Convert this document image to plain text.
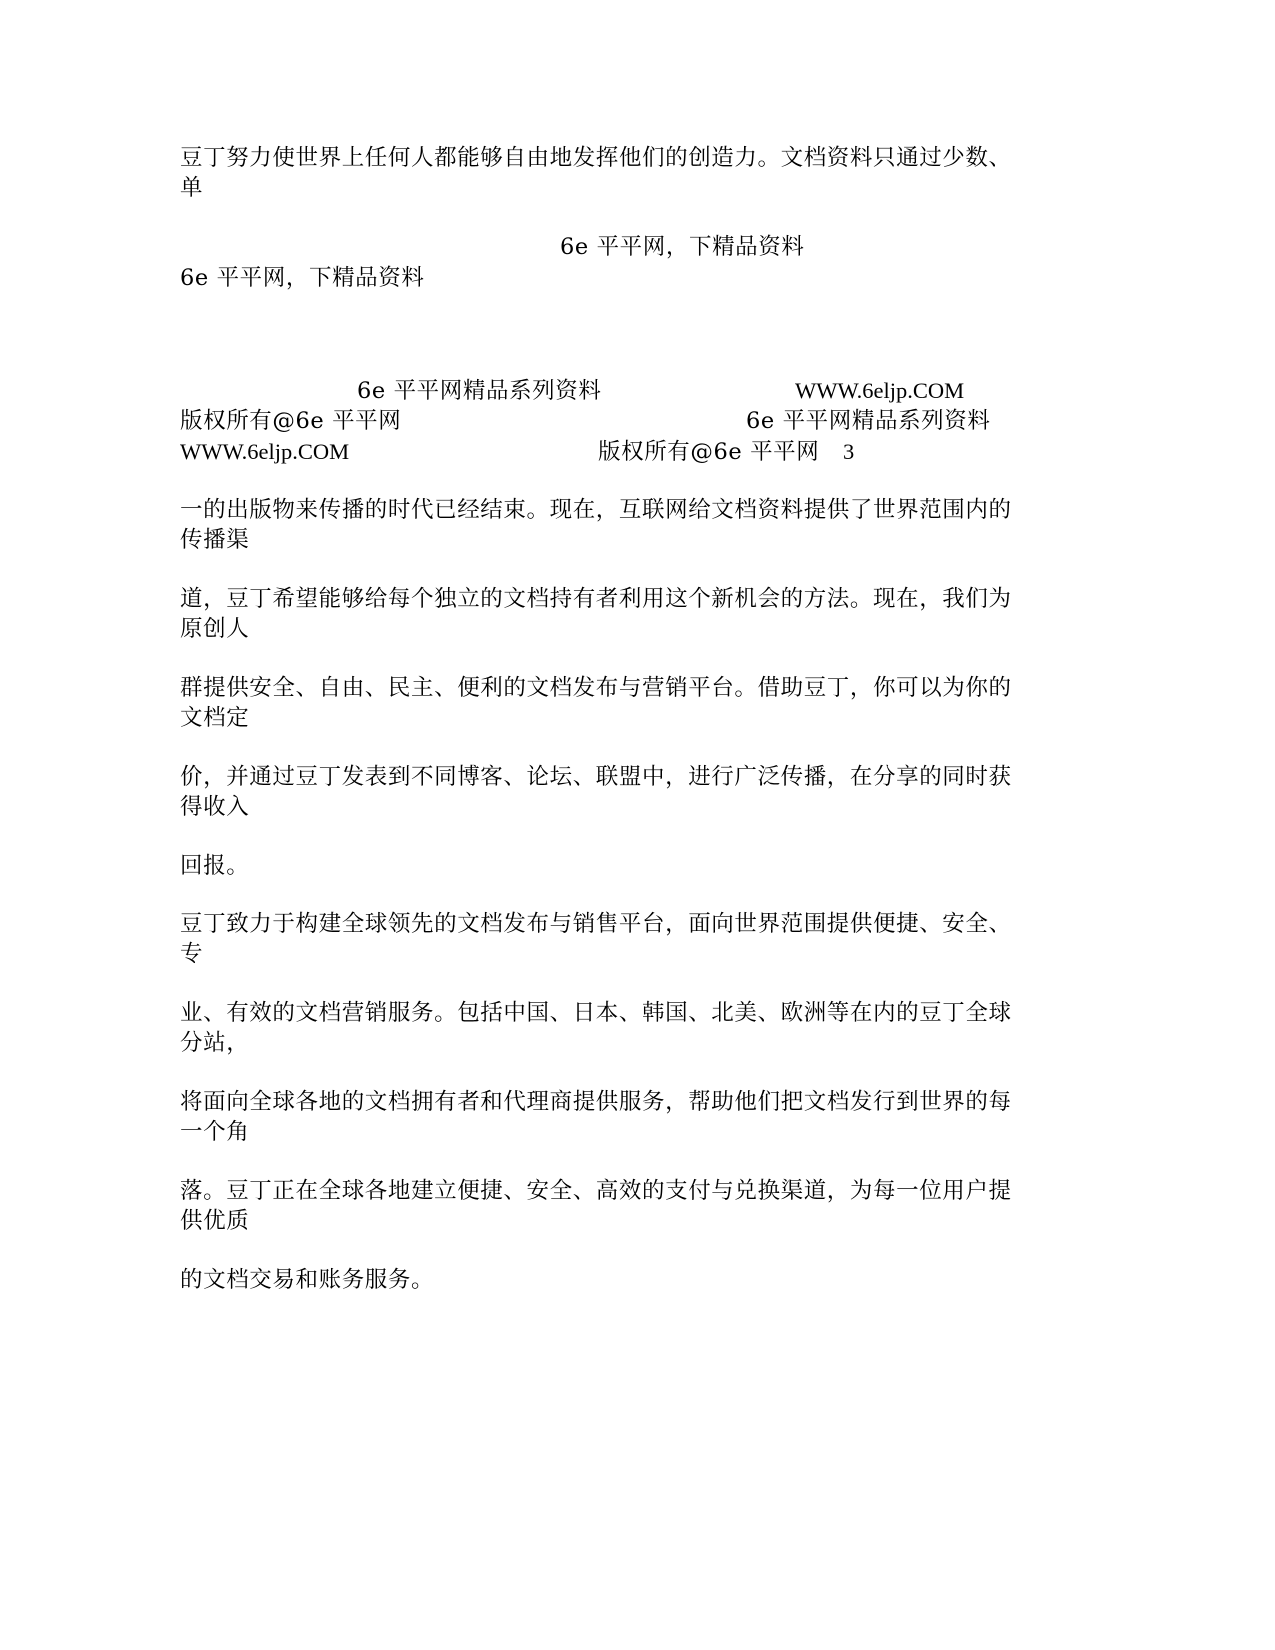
豆丁努力使世界上任何人都能够自由地发挥他们的创造力。文档资料只通过少数、
单
6e 平平网，下精品资料
6e 平平网，下精品资料
6e 平平网精品系列资料	WWW.6eljp.COM
版权所有@6e 平平网	6e 平平网精品系列资料
WWW.6eljp.COM	版权所有@6e 平平网 3
一的出版物来传播的时代已经结束。现在，互联网给文档资料提供了世界范围内的
传播渠
道，豆丁希望能够给每个独立的文档持有者利用这个新机会的方法。现在，我们为
原创人
群提供安全、自由、民主、便利的文档发布与营销平台。借助豆丁，你可以为你的
文档定
价，并通过豆丁发表到不同博客、论坛、联盟中，进行广泛传播，在分享的同时获
得收入
回报。
豆丁致力于构建全球领先的文档发布与销售平台，面向世界范围提供便捷、安全、
专
业、有效的文档营销服务。包括中国、日本、韩国、北美、欧洲等在内的豆丁全球
分站，
将面向全球各地的文档拥有者和代理商提供服务，帮助他们把文档发行到世界的每
一个角
落。豆丁正在全球各地建立便捷、安全、高效的支付与兑换渠道，为每一位用户提
供优质
的文档交易和账务服务。
